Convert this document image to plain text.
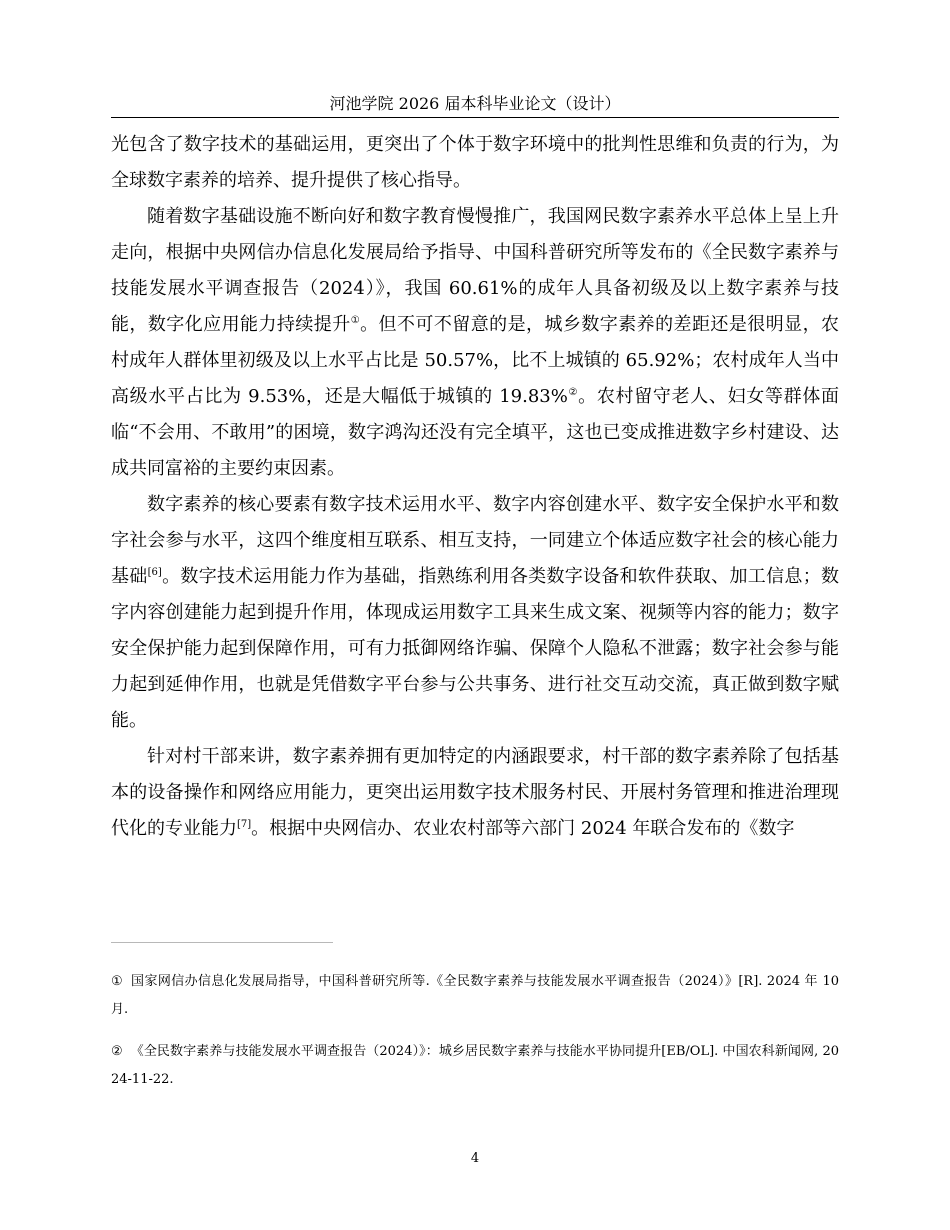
河池学院 2026 届本科毕业论文（设计）

光包含了数字技术的基础运用，更突出了个体于数字环境中的批判性思维和负责的行为，为全球数字素养的培养、提升提供了核心指导。

随着数字基础设施不断向好和数字教育慢慢推广，我国网民数字素养水平总体上呈上升走向，根据中央网信办信息化发展局给予指导、中国科普研究所等发布的《全民数字素养与技能发展水平调查报告（2024）》，我国 60.61%的成年人具备初级及以上数字素养与技能，数字化应用能力持续提升①。但不可不留意的是，城乡数字素养的差距还是很明显，农村成年人群体里初级及以上水平占比是 50.57%，比不上城镇的 65.92%；农村成年人当中高级水平占比为 9.53%，还是大幅低于城镇的 19.83%②。农村留守老人、妇女等群体面临“不会用、不敢用”的困境，数字鸿沟还没有完全填平，这也已变成推进数字乡村建设、达成共同富裕的主要约束因素。

数字素养的核心要素有数字技术运用水平、数字内容创建水平、数字安全保护水平和数字社会参与水平，这四个维度相互联系、相互支持，一同建立个体适应数字社会的核心能力基础[6]。数字技术运用能力作为基础，指熟练利用各类数字设备和软件获取、加工信息；数字内容创建能力起到提升作用，体现成运用数字工具来生成文案、视频等内容的能力；数字安全保护能力起到保障作用，可有力抵御网络诈骗、保障个人隐私不泄露；数字社会参与能力起到延伸作用，也就是凭借数字平台参与公共事务、进行社交互动交流，真正做到数字赋能。

针对村干部来讲，数字素养拥有更加特定的内涵跟要求，村干部的数字素养除了包括基本的设备操作和网络应用能力，更突出运用数字技术服务村民、开展村务管理和推进治理现代化的专业能力[7]。根据中央网信办、农业农村部等六部门 2024 年联合发布的《数字

① 国家网信办信息化发展局指导，中国科普研究所等.《全民数字素养与技能发展水平调查报告（2024）》[R]. 2024 年 10 月.

② 《全民数字素养与技能发展水平调查报告（2024）》：城乡居民数字素养与技能水平协同提升[EB/OL]. 中国农科新闻网, 2024-11-22.

4
